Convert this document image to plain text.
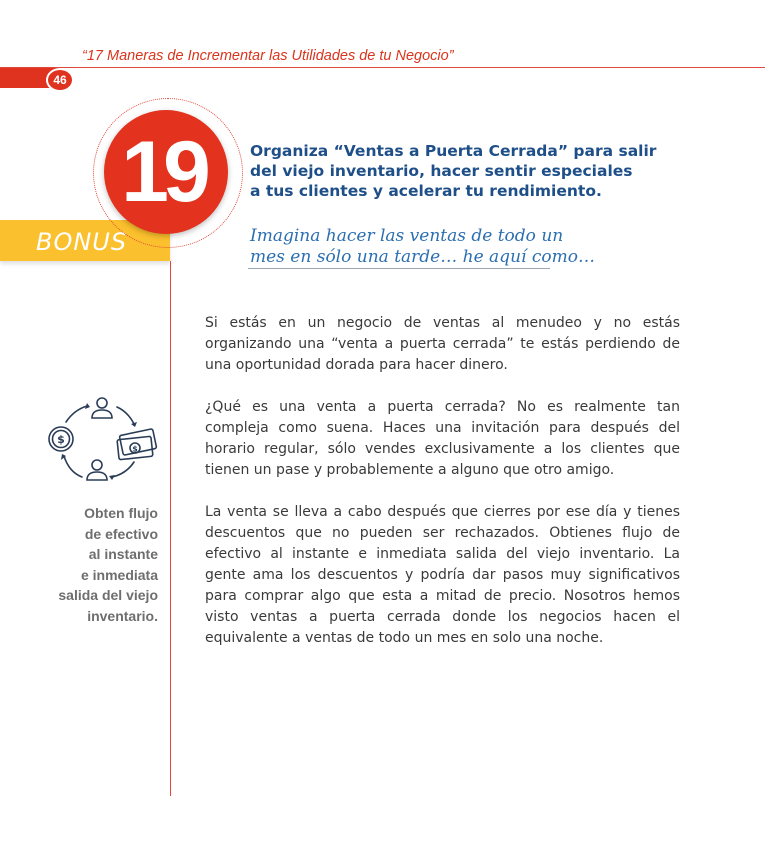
“17 Maneras de Incrementar las Utilidades de tu Negocio”
46
BONUS
19	Organiza “Ventas a Puerta Cerrada” para salir
del viejo inventario, hacer sentir especiales
a tus clientes y acelerar tu rendimiento.
Imagina hacer las ventas de todo un
mes en sólo una tarde… he aquí como…
$
$
Obten flujo
de efectivo
al instante
e inmediata
salida del viejo
inventario.

Si estás en un negocio de ventas al menudeo y no estás organizando una “venta a puerta cerrada” te estás perdiendo de una oportunidad dorada para hacer dinero.

¿Qué es una venta a puerta cerrada? No es realmente tan compleja como suena. Haces una invitación para después del horario regular, sólo vendes exclusivamente a los clientes que tienen un pase y probablemente a alguno que otro amigo.

La venta se lleva a cabo después que cierres por ese día y tienes descuentos que no pueden ser rechazados. Obtienes flujo de efectivo al instante e inmediata salida del viejo inventario. La gente ama los descuentos y podría dar pasos muy significativos para comprar algo que esta a mitad de precio. Nosotros hemos visto ventas a puerta cerrada donde los negocios hacen el equivalente a ventas de todo un mes en solo una noche.
